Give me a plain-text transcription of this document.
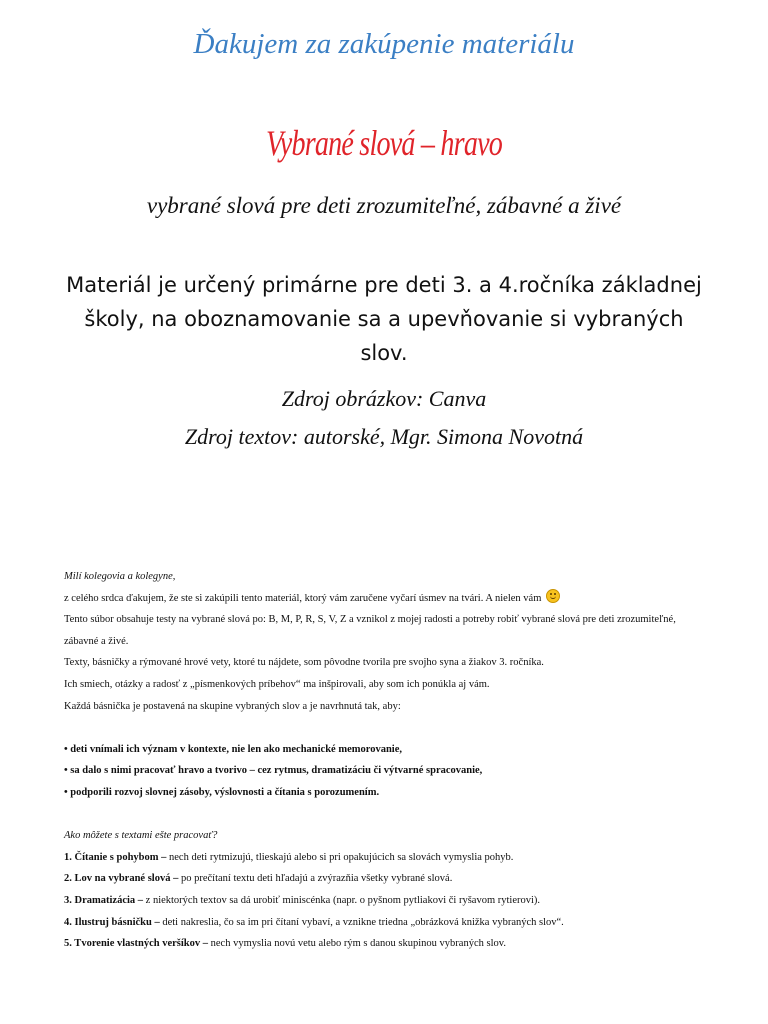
Ďakujem za zakúpenie materiálu
Vybrané slová – hravo
vybrané slová pre deti zrozumiteľné, zábavné a živé
Materiál je určený primárne pre deti 3. a 4.ročníka základnej
školy, na oboznamovanie sa a upevňovanie si vybraných slov.
Zdroj obrázkov: Canva
Zdroj textov: autorské, Mgr. Simona Novotná

Milí kolegovia a kolegyne,

z celého srdca ďakujem, že ste si zakúpili tento materiál, ktorý vám zaručene vyčarí úsmev na tvári. A nielen vám

Tento súbor obsahuje testy na vybrané slová po: B, M, P, R, S, V, Z a vznikol z mojej radosti a potreby robiť vybrané slová pre deti zrozumiteľné,

zábavné a živé.

Texty, básničky a rýmované hrové vety, ktoré tu nájdete, som pôvodne tvorila pre svojho syna a žiakov 3. ročníka.

Ich smiech, otázky a radosť z „písmenkových príbehov“ ma inšpirovali, aby som ich ponúkla aj vám.

Každá básnička je postavená na skupine vybraných slov a je navrhnutá tak, aby:

• deti vnímali ich význam v kontexte, nie len ako mechanické memorovanie,

• sa dalo s nimi pracovať hravo a tvorivo – cez rytmus, dramatizáciu či výtvarné spracovanie,

• podporili rozvoj slovnej zásoby, výslovnosti a čítania s porozumením.

Ako môžete s textami ešte pracovať?

1. Čítanie s pohybom – nech deti rytmizujú, tlieskajú alebo si pri opakujúcich sa slovách vymyslia pohyb.

2. Lov na vybrané slová – po prečítaní textu deti hľadajú a zvýrazňia všetky vybrané slová.

3. Dramatizácia – z niektorých textov sa dá urobiť miniscénka (napr. o pyšnom pytliakovi či ryšavom rytierovi).

4. Ilustruj básničku – deti nakreslia, čo sa im pri čítaní vybaví, a vznikne triedna „obrázková knižka vybraných slov“.

5. Tvorenie vlastných veršíkov – nech vymyslia novú vetu alebo rým s danou skupinou vybraných slov.
